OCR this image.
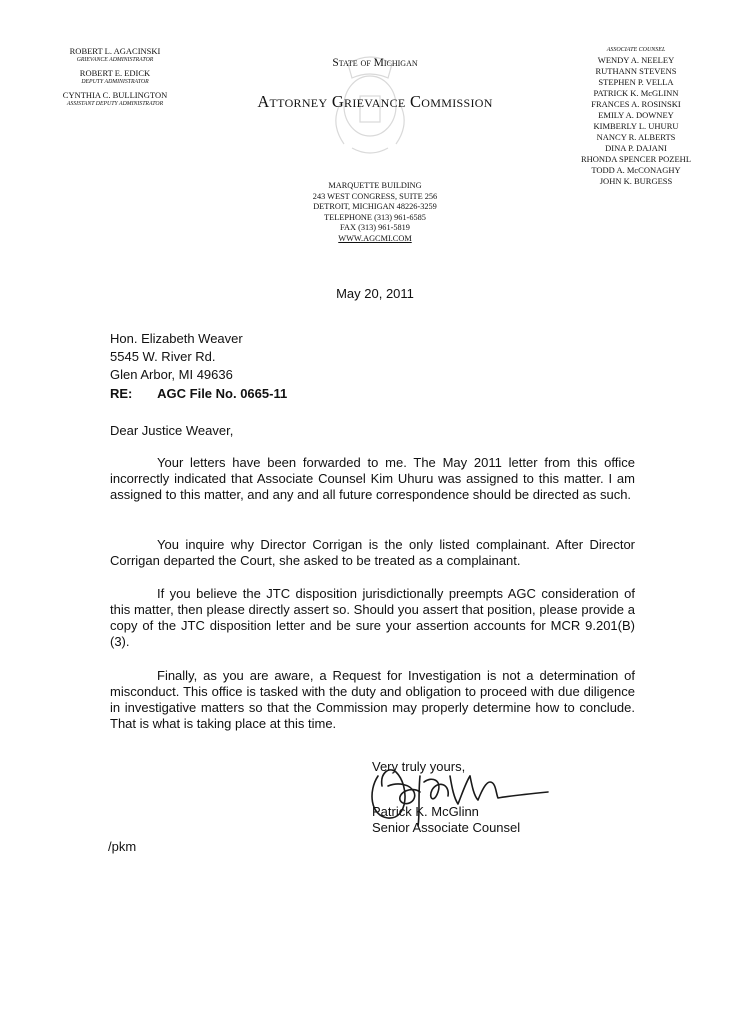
ROBERT L. AGACINSKI
GRIEVANCE ADMINISTRATOR
ROBERT E. EDICK
DEPUTY ADMINISTRATOR
CYNTHIA C. BULLINGTON
ASSISTANT DEPUTY ADMINISTRATOR
State of Michigan
Attorney Grievance Commission
MARQUETTE BUILDING
243 WEST CONGRESS, SUITE 256
DETROIT, MICHIGAN 48226-3259
TELEPHONE (313) 961-6585
FAX (313) 961-5819
WWW.AGCMI.COM
ASSOCIATE COUNSEL
WENDY A. NEELEY
RUTHANN STEVENS
STEPHEN P. VELLA
PATRICK K. McGLINN
FRANCES A. ROSINSKI
EMILY A. DOWNEY
KIMBERLY L. UHURU
NANCY R. ALBERTS
DINA P. DAJANI
RHONDA SPENCER POZEHL
TODD A. McCONAGHY
JOHN K. BURGESS
May 20, 2011
Hon. Elizabeth Weaver
5545 W. River Rd.
Glen Arbor, MI 49636
RE: AGC File No. 0665-11
Dear Justice Weaver,

Your letters have been forwarded to me. The May 2011 letter from this office incorrectly indicated that Associate Counsel Kim Uhuru was assigned to this matter. I am assigned to this matter, and any and all future correspondence should be directed as such.

You inquire why Director Corrigan is the only listed complainant. After Director Corrigan departed the Court, she asked to be treated as a complainant.

If you believe the JTC disposition jurisdictionally preempts AGC consideration of this matter, then please directly assert so. Should you assert that position, please provide a copy of the JTC disposition letter and be sure your assertion accounts for MCR 9.201(B)(3).

Finally, as you are aware, a Request for Investigation is not a determination of misconduct. This office is tasked with the duty and obligation to proceed with due diligence in investigative matters so that the Commission may properly determine how to conclude. That is what is taking place at this time.

Very truly yours,
Patrick K. McGlinn
Senior Associate Counsel
/pkm
